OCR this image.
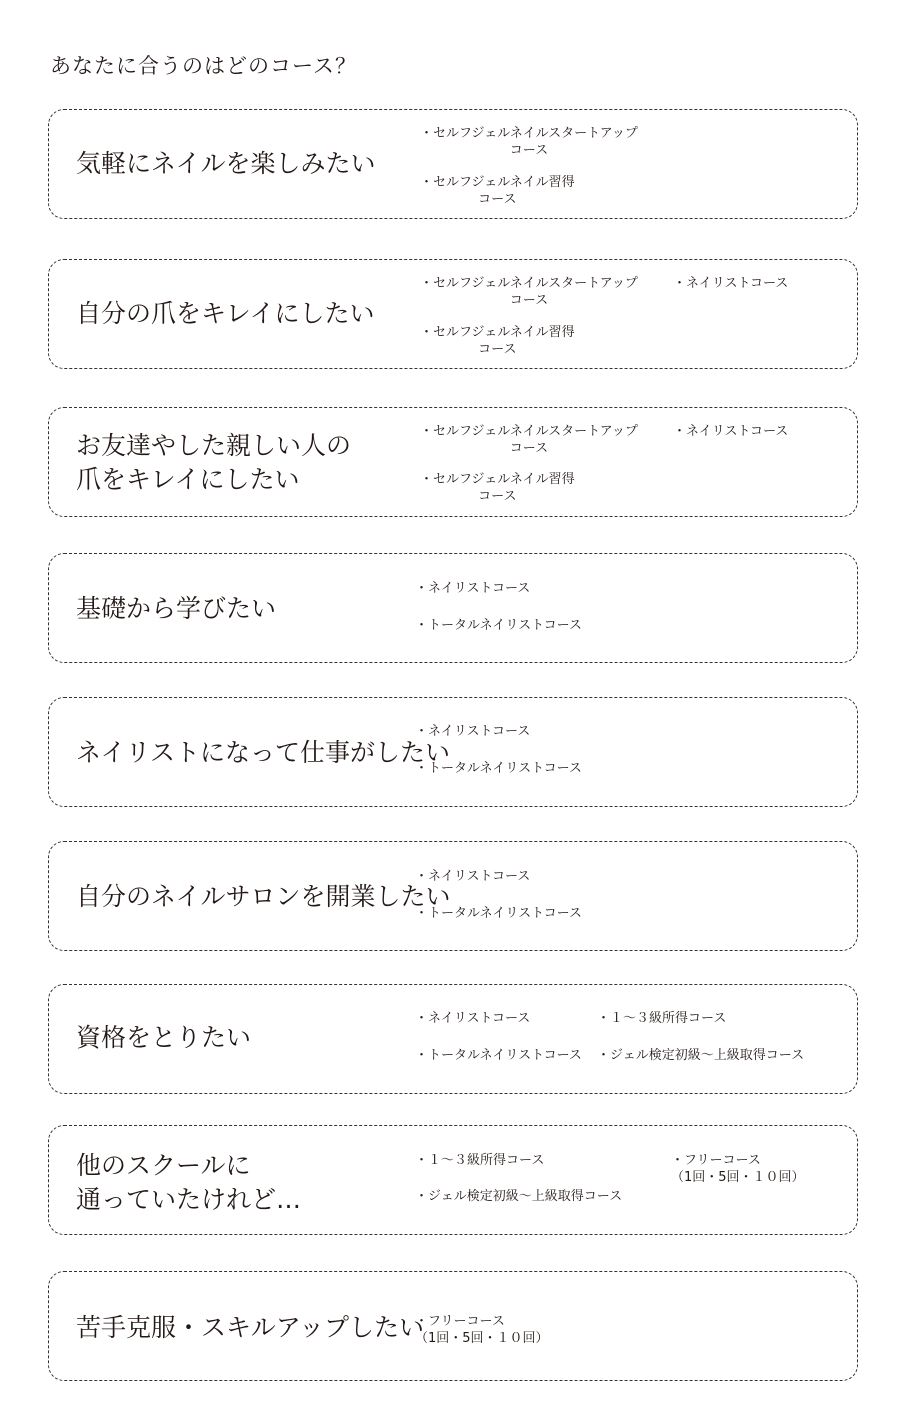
あなたに合うのはどのコース？
気軽にネイルを楽しみたい
・セルフジェルネイルスタートアップ
コース
・セルフジェルネイル習得
コース
自分の爪をキレイにしたい
・セルフジェルネイルスタートアップ
コース
・セルフジェルネイル習得
コース
・ネイリストコース
お友達やした親しい人の
爪をキレイにしたい
・セルフジェルネイルスタートアップ
コース
・セルフジェルネイル習得
コース
・ネイリストコース
基礎から学びたい
・ネイリストコース
・トータルネイリストコース
ネイリストになって仕事がしたい
・ネイリストコース
・トータルネイリストコース
自分のネイルサロンを開業したい
・ネイリストコース
・トータルネイリストコース
資格をとりたい
・ネイリストコース
・トータルネイリストコース
・１～３級所得コース
・ジェル検定初級～上級取得コース
他のスクールに
通っていたけれど…
・１～３級所得コース
・ジェル検定初級～上級取得コース
・フリーコース
（1回・5回・１０回）
苦手克服・スキルアップしたい
・フリーコース
（1回・5回・１０回）
